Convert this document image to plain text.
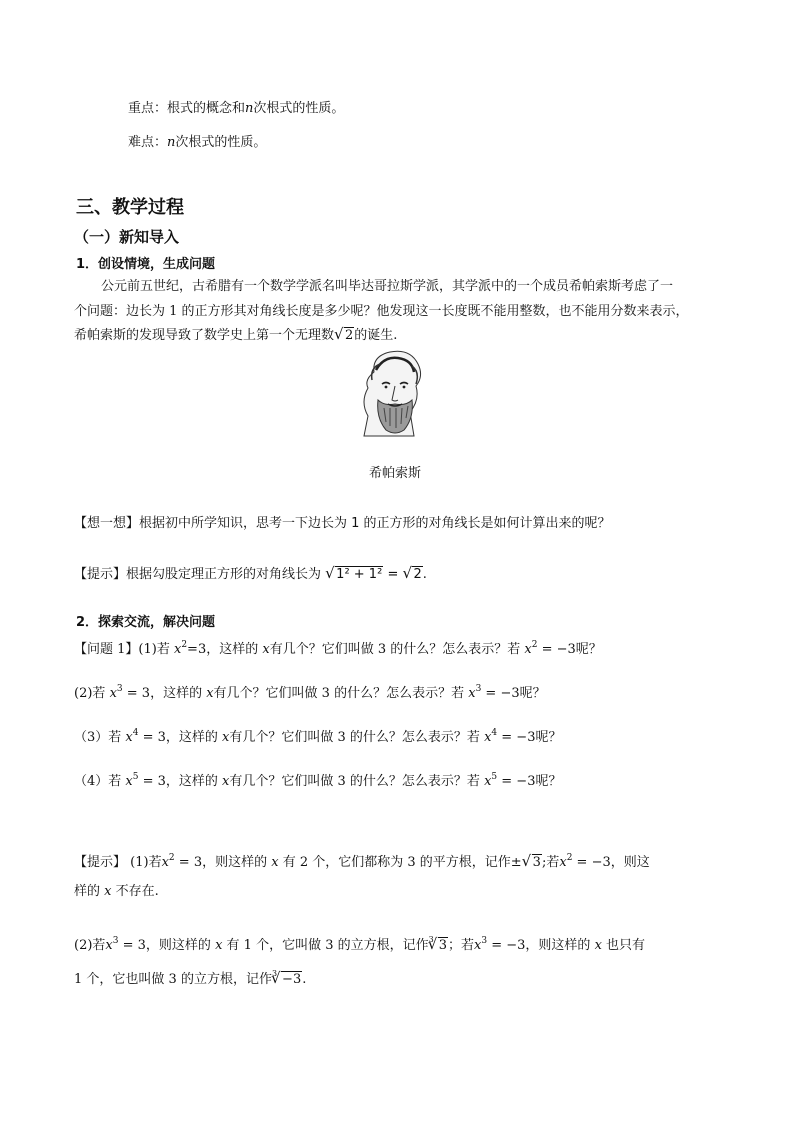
重点：根式的概念和n次根式的性质。
难点：n次根式的性质。
三、教学过程
（一）新知导入
1．创设情境，生成问题
公元前五世纪，古希腊有一个数学学派名叫毕达哥拉斯学派，其学派中的一个成员希帕索斯考虑了一
个问题：边长为 1 的正方形其对角线长度是多少呢？他发现这一长度既不能用整数，也不能用分数来表示，
希帕索斯的发现导致了数学史上第一个无理数 √ 2的诞生.
希帕索斯
【想一想】根据初中所学知识，思考一下边长为 1 的正方形的对角线长是如何计算出来的呢？
【提示】根据勾股定理正方形的对角线长为 √ 1² + 1² = √ 2.
2．探索交流，解决问题
【问题 1】(1)若 $x^2=3$，这样的 x有几个？它们叫做 3 的什么？怎么表示？若 $x^2 = -3$呢？
(2)若 $x^3 = 3$，这样的 x有几个？它们叫做 3 的什么？怎么表示？若 $x^3 = -3$呢？
（3）若 $x^4 = 3$，这样的 x有几个？它们叫做 3 的什么？怎么表示？若 $x^4 = -3$呢？
（4）若 $x^5 = 3$，这样的 x有几个？它们叫做 3 的什么？怎么表示？若 $x^5 = -3$呢？
【提示】 (1)若$x^2 = 3$，则这样的 x 有 2 个，它们都称为 3 的平方根，记作± √ 3;若$x^2 = -3$，则这
样的 x 不存在.
(2)若$x^3 = 3$，则这样的 x 有 1 个，它叫做 3 的立方根，记作$^3$ √ 3；若$x^3 = -3$，则这样的 x 也只有
1 个，它也叫做 3 的立方根，记作$^3$ √ −3.
